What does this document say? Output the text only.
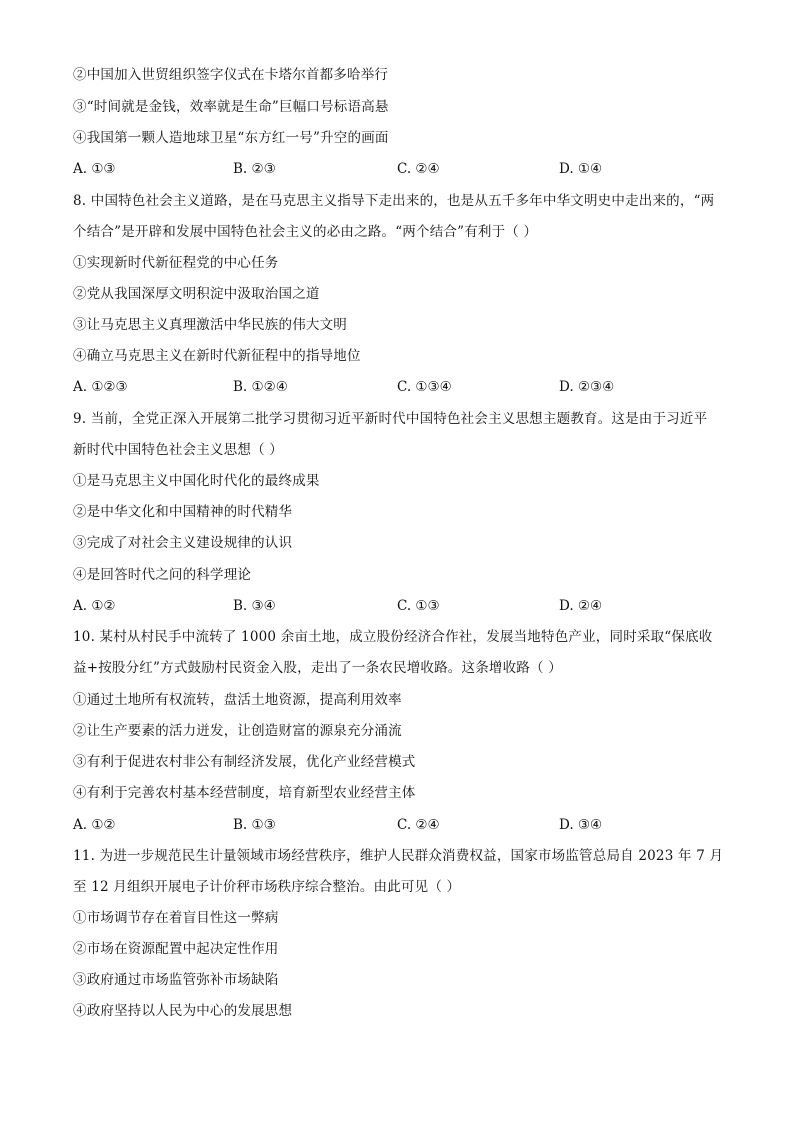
②中国加入世贸组织签字仪式在卡塔尔首都多哈举行
③“时间就是金钱，效率就是生命”巨幅口号标语高悬
④我国第一颗人造地球卫星“东方红一号”升空的画面
A. ①③	B. ②③	C. ②④	D. ①④
8. 中国特色社会主义道路，是在马克思主义指导下走出来的，也是从五千多年中华文明史中走出来的，“两
个结合”是开辟和发展中国特色社会主义的必由之路。“两个结合”有利于（ ）
①实现新时代新征程党的中心任务
②党从我国深厚文明积淀中汲取治国之道
③让马克思主义真理激活中华民族的伟大文明
④确立马克思主义在新时代新征程中的指导地位
A. ①②③	B. ①②④	C. ①③④	D. ②③④
9. 当前，全党正深入开展第二批学习贯彻习近平新时代中国特色社会主义思想主题教育。这是由于习近平
新时代中国特色社会主义思想（ ）
①是马克思主义中国化时代化的最终成果
②是中华文化和中国精神的时代精华
③完成了对社会主义建设规律的认识
④是回答时代之问的科学理论
A. ①②	B. ③④	C. ①③	D. ②④
10. 某村从村民手中流转了 1000 余亩土地，成立股份经济合作社，发展当地特色产业，同时采取“保底收
益+按股分红”方式鼓励村民资金入股，走出了一条农民增收路。这条增收路（ ）
①通过土地所有权流转，盘活土地资源，提高利用效率
②让生产要素的活力迸发，让创造财富的源泉充分涌流
③有利于促进农村非公有制经济发展，优化产业经营模式
④有利于完善农村基本经营制度，培育新型农业经营主体
A. ①②	B. ①③	C. ②④	D. ③④
11. 为进一步规范民生计量领域市场经营秩序，维护人民群众消费权益，国家市场监管总局自 2023 年 7 月
至 12 月组织开展电子计价秤市场秩序综合整治。由此可见（ ）
①市场调节存在着盲目性这一弊病
②市场在资源配置中起决定性作用
③政府通过市场监管弥补市场缺陷
④政府坚持以人民为中心的发展思想
